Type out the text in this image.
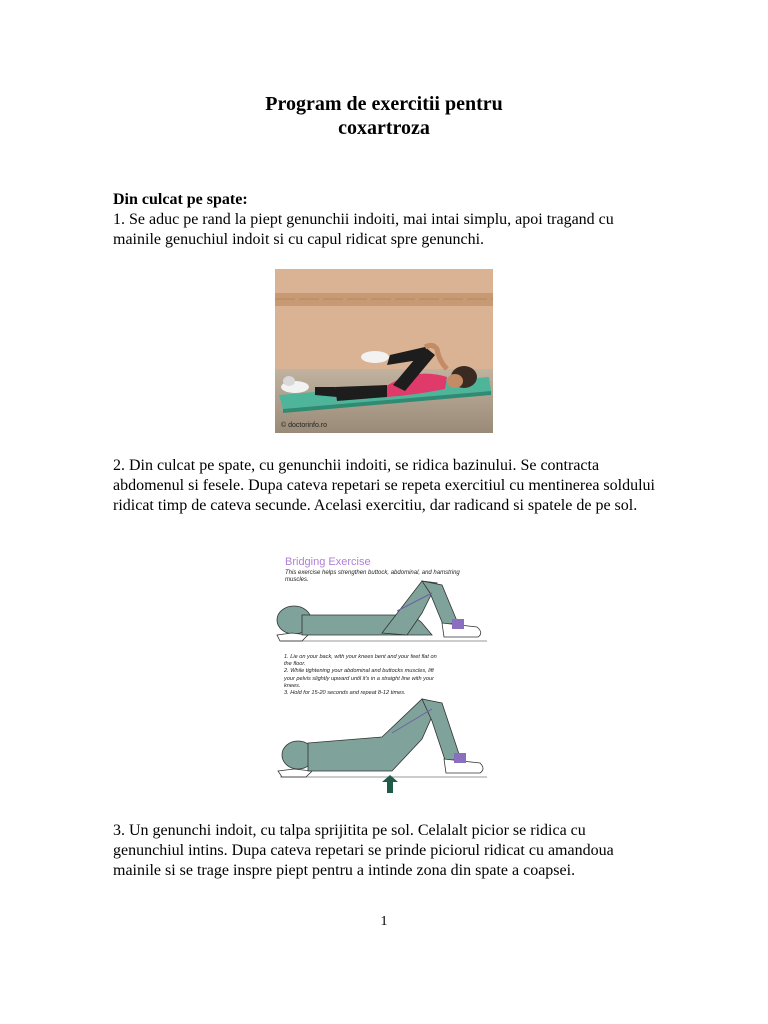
Program de exercitii pentru
coxartroza
Din culcat pe spate:
1. Se aduc pe rand la piept genunchii indoiti, mai intai simplu, apoi tragand cu mainile genuchiul indoit si cu capul ridicat spre genunchi.
© doctorinfo.ro
2. Din culcat pe spate, cu genunchii indoiti, se ridica bazinului. Se contracta abdomenul si fesele. Dupa cateva repetari se repeta exercitiul cu mentinerea soldului ridicat timp de cateva secunde. Acelasi exercitiu, dar radicand si spatele de pe sol.
Bridging Exercise
This exercise helps strengthen buttock, abdominal, and hamstring muscles.
1. Lie on your back, with your knees bent and your feet flat on the floor.
2. While tightening your abdominal and buttocks muscles, lift your pelvis slightly upward until it's in a straight line with your knees.
3. Hold for 15-20 seconds and repeat 8-12 times.
3. Un genunchi indoit, cu talpa sprijitita pe sol. Celalalt picior se ridica cu genunchiul intins. Dupa cateva repetari se prinde piciorul ridicat cu amandoua mainile si se trage inspre piept pentru a intinde zona din spate a coapsei.
1
